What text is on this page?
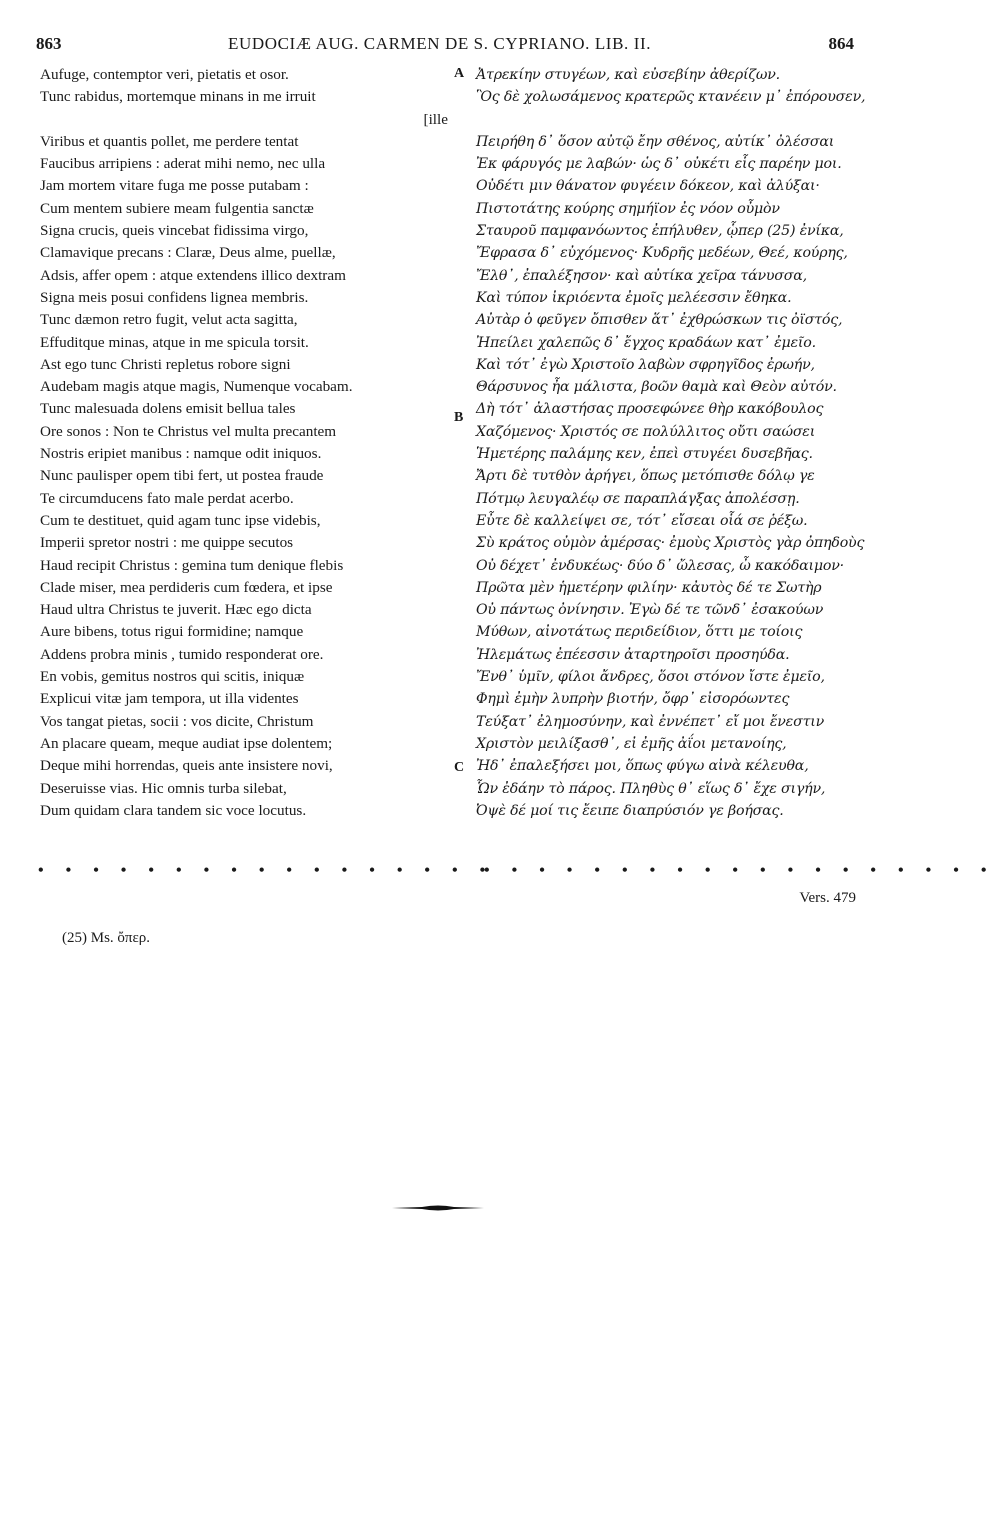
863	EUDOCIÆ AUG. CARMEN DE S. CYPRIANO. LIB. II.	864
Aufuge, contemptor veri, pietatis et osor.
Tunc rabidus, mortemque minans in me irruit
[ille
Viribus et quantis pollet, me perdere tentat
Faucibus arripiens : aderat mihi nemo, nec ulla
Jam mortem vitare fuga me posse putabam :
Cum mentem subiere meam fulgentia sanctæ
Signa crucis, queis vincebat fidissima virgo,
Clamavique precans : Claræ, Deus alme, puellæ,
Adsis, affer opem : atque extendens illico dextram
Signa meis posui confidens lignea membris.
Tunc dæmon retro fugit, velut acta sagitta,
Effuditque minas, atque in me spicula torsit.
Ast ego tunc Christi repletus robore signi
Audebam magis atque magis, Numenque vocabam.
Tunc malesuada dolens emisit bellua tales
Ore sonos : Non te Christus vel multa precantem
Nostris eripiet manibus : namque odit iniquos.
Nunc paulisper opem tibi fert, ut postea fraude
Te circumducens fato male perdat acerbo.
Cum te destituet, quid agam tunc ipse videbis,
Imperii spretor nostri : me quippe secutos
Haud recipit Christus : gemina tum denique flebis
Clade miser, mea perdideris cum fœdera, et ipse
Haud ultra Christus te juverit. Hæc ego dicta
Aure bibens, totus rigui formidine; namque
Addens probra minis , tumido responderat ore.
En vobis, gemitus nostros qui scitis, iniquæ
Explicui vitæ jam tempora, ut illa videntes
Vos tangat pietas, socii : vos dicite, Christum
An placare queam, meque audiat ipse dolentem;
Deque mihi horrendas, queis ante insistere novi,
Deseruisse vias. Hic omnis turba silebat,
Dum quidam clara tandem sic voce locutus.
Ἀτρεκίην στυγέων, καὶ εὐσεβίην ἀθερίζων.
Ὃς δὲ χολωσάμενος κρατερῶς κτανέειν μ᾽ ἐπόρουσεν,
Πειρήθη δ᾽ ὅσον αὐτῷ ἔην σθένος, αὐτίκ᾽ ὀλέσσαι
Ἐκ φάρυγός με λαβών· ὡς δ᾽ οὐκέτι εἷς παρέην μοι.
Οὐδέτι μιν θάνατον φυγέειν δόκεον, καὶ ἀλύξαι·
Πιστοτάτης κούρης σημήϊον ἐς νόον οὖμὸν
Σταυροῦ παμφανόωντος ἐπήλυθεν, ᾧπερ (25) ἐνίκα,
Ἔφρασα δ᾽ εὐχόμενος· Κυδρῆς μεδέων, Θεέ, κούρης,
Ἔλθ᾽, ἐπαλέξησον· καὶ αὐτίκα χεῖρα τάνυσσα,
Καὶ τύπον ἰκριόεντα ἐμοῖς μελέεσσιν ἔθηκα.
Αὐτὰρ ὁ φεῦγεν ὄπισθεν ἅτ᾽ ἐχθρώσκων τις ὀϊστός,
Ἠπείλει χαλεπῶς δ᾽ ἔγχος κραδάων κατ᾽ ἐμεῖο.
Καὶ τότ᾽ ἐγὼ Χριστοῖο λαβὼν σφρηγῖδος ἐρωήν,
Θάρσυνος ἦα μάλιστα, βοῶν θαμὰ καὶ Θεὸν αὐτόν.
Δὴ τότ᾽ ἀλαστήσας προσεφώνεε θὴρ κακόβουλος
Χαζόμενος· Χριστός σε πολύλλιτος οὔτι σαώσει
Ἡμετέρης παλάμης κεν, ἐπεὶ στυγέει δυσεβῆας.
Ἄρτι δὲ τυτθὸν ἀρήγει, ὅπως μετόπισθε δόλῳ γε
Πότμῳ λευγαλέῳ σε παραπλάγξας ἀπολέσσῃ.
Εὖτε δὲ καλλείψει σε, τότ᾽ εἴσεαι οἷά σε ῥέξω.
Σὺ κράτος οὐμὸν ἀμέρσας· ἐμοὺς Χριστὸς γὰρ ὀπηδοὺς
Οὐ δέχετ᾽ ἐνδυκέως· δύο δ᾽ ὤλεσας, ὦ κακόδαιμον·
Πρῶτα μὲν ἡμετέρην φιλίην· κἀυτὸς δέ τε Σωτὴρ
Οὐ πάντως ὀνίνησιν. Ἐγὼ δέ τε τῶνδ᾽ ἐσακούων
Μύθων, αἰνοτάτως περιδείδιον, ὅττι με τοίοις
Ἠλεμάτως ἐπέεσσιν ἀταρτηροῖσι προσηύδα.
Ἔνθ᾽ ὑμῖν, φίλοι ἄνδρες, ὅσοι στόνον ἴστε ἐμεῖο,
Φημὶ ἐμὴν λυπρὴν βιοτήν, ὄφρ᾽ εἰσορόωντες
Τεύξατ᾽ ἐλημοσύνην, καὶ ἐννέπετ᾽ εἴ μοι ἔνεστιν
Χριστὸν μειλίξασθ᾽, εἰ ἐμῆς ἀΐοι μετανοίης,
Ἠδ᾽ ἐπαλεξήσει μοι, ὅπως φύγω αἰνὰ κέλευθα,
Ὧν ἐδάην τὸ πάρος. Πληθὺς θ᾽ εἵως δ᾽ ἔχε σιγήν,
Ὀψὲ δέ μοί τις ἔειπε διαπρύσιόν γε βοήσας.
A
B
C
• • • • • • • • • • • • • • • • •
• • • • • • • • • • • • • • • • • • •
Vers. 479
(25) Ms. ὄπερ.
